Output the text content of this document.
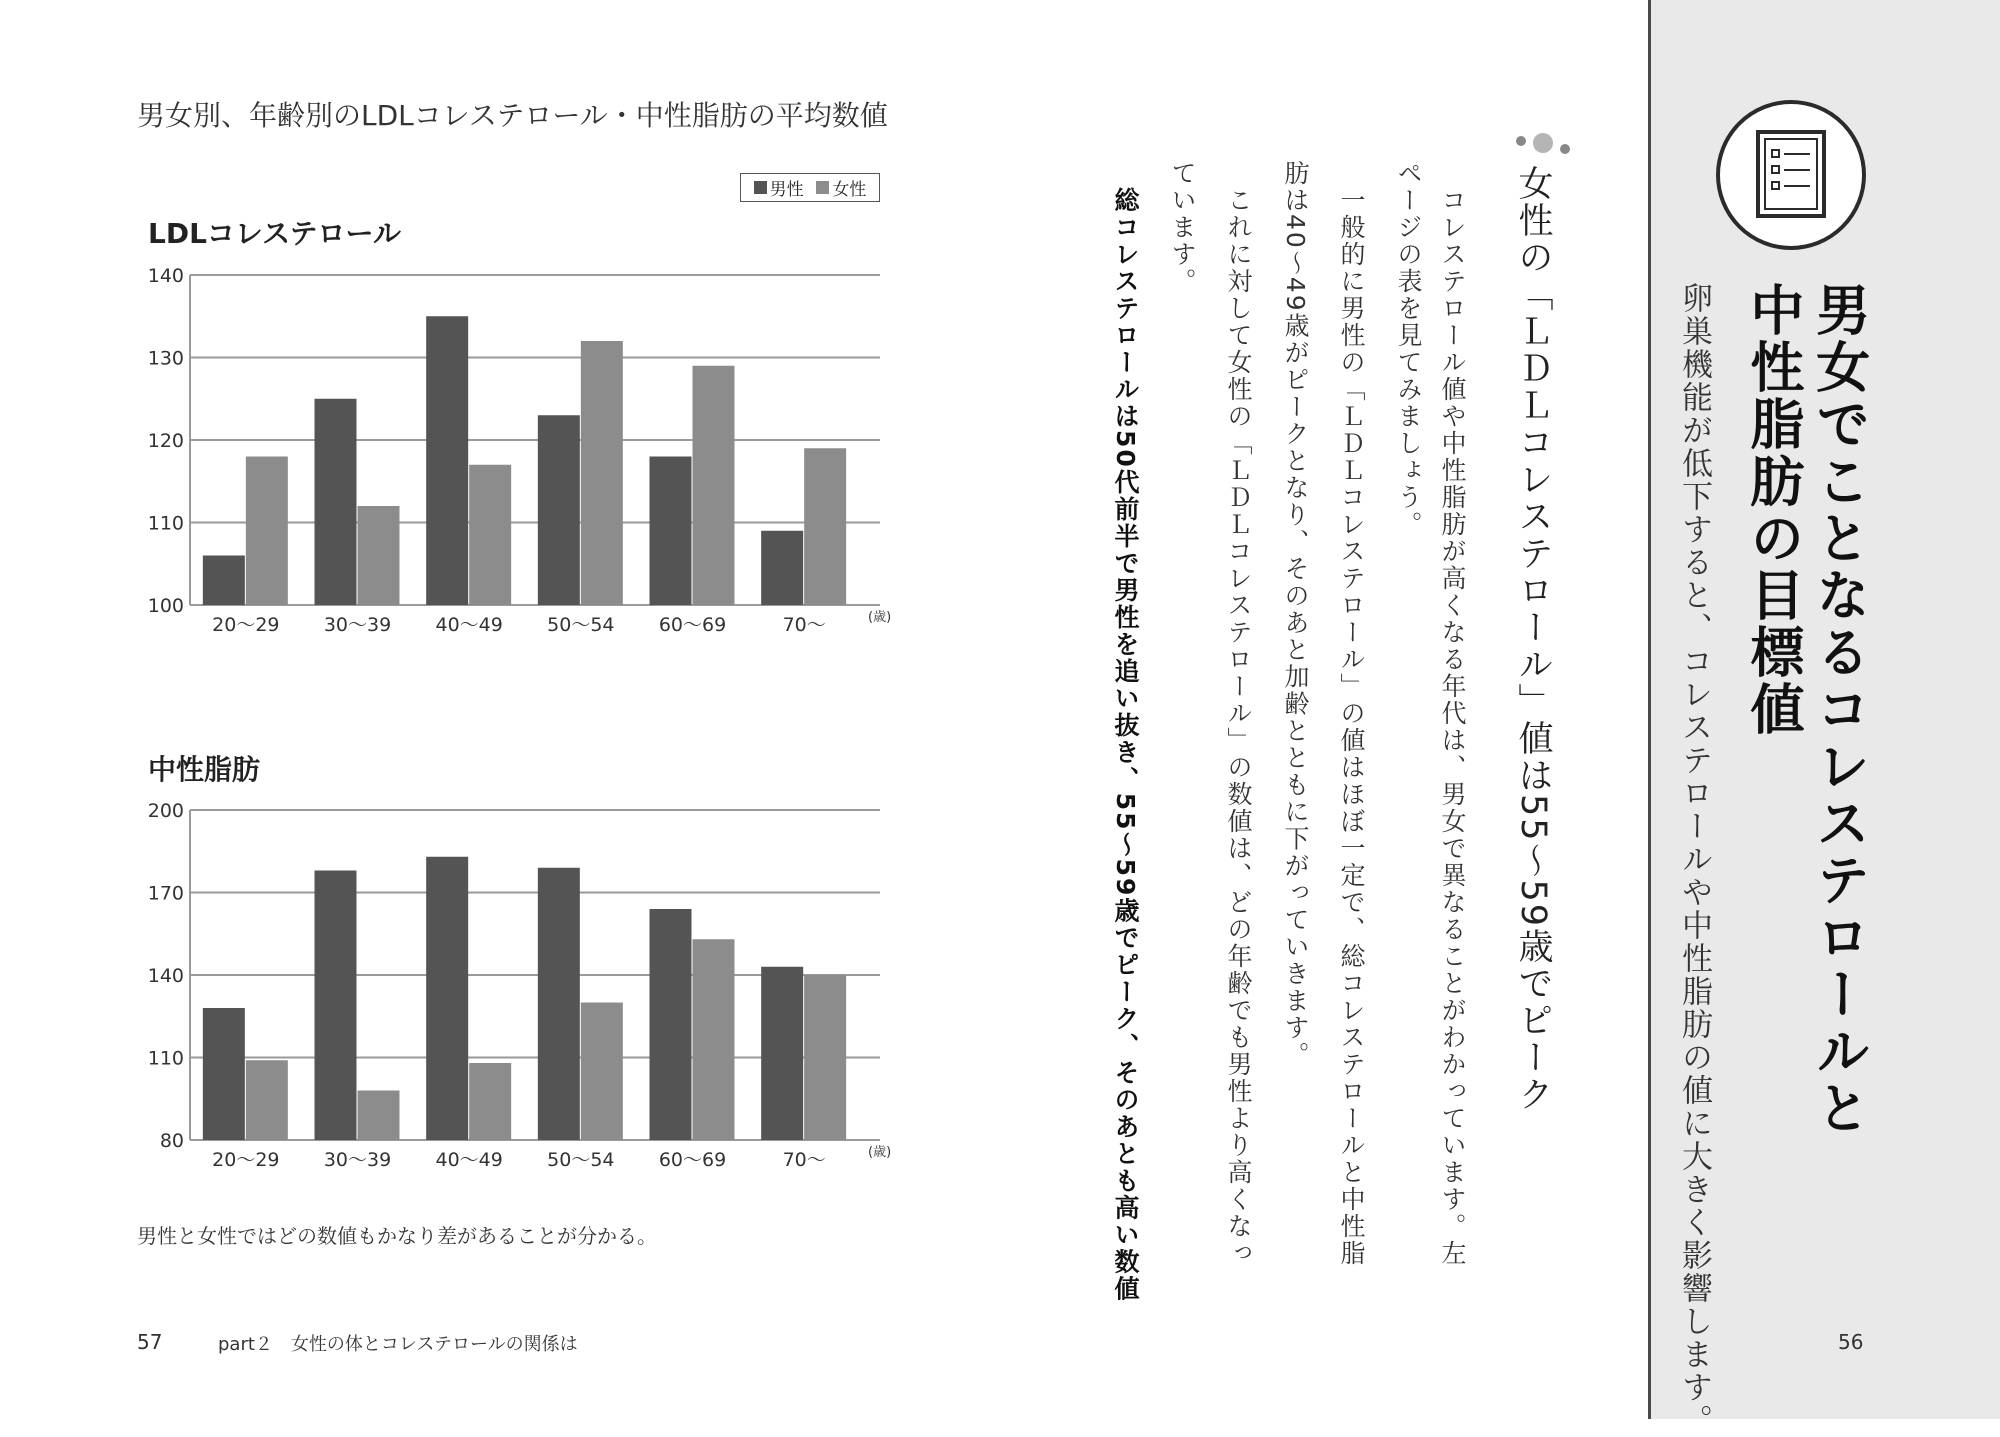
男女別、年齢別のLDLコレステロール・中性脂肪の平均数値
男性 女性
LDLコレステロール
100
110
120
130
140
20～29 30～39 40～49 50～54 60～69	70～	(歳)
中性脂肪
80
110
140
170
200
20～29 30～39 40～49 50～54 60～69	70～	(歳)
男性と女性ではどの数値もかなり差があることが分かる。
57	part２　女性の体とコレステロールの関係は
女性の「ＬＤＬコレステロール」値は55～59歳でピーク
　コレステロール値や中性脂肪が高くなる年代は、男女で異なることがわかっています。左
ページの表を見てみましょう。
　一般的に男性の「ＬＤＬコレステロール」の値はほぼ一定で、総コレステロールと中性脂
肪は40～49歳がピークとなり、そのあと加齢とともに下がっていきます。
　これに対して女性の「ＬＤＬコレステロール」の数値は、どの年齢でも男性より高くなっ
ています。
　総コレステロールは50代前半で男性を追い抜き、55～59歳でピーク、そのあとも高い数値	男女でことなるコレステロールと
中性脂肪の目標値
卵巣機能が低下すると、コレステロールや中性脂肪の値に大きく影響します。	56
